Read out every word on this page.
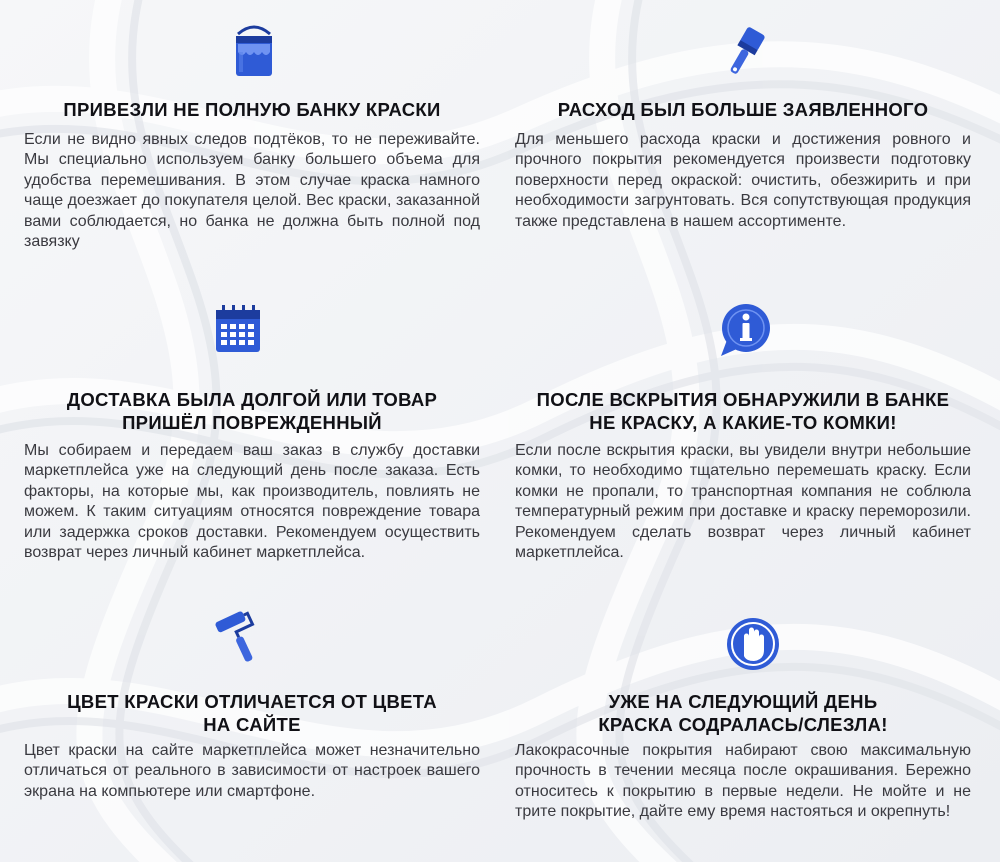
ПРИВЕЗЛИ НЕ ПОЛНУЮ БАНКУ КРАСКИ
Если не видно явных следов подтёков, то не переживайте. Мы специально используем банку большего объема для удобства перемешивания. В этом случае краска намного чаще доезжает до покупателя целой. Вес краски, заказанной вами соблюдается, но банка не должна быть полной под завязку
РАСХОД БЫЛ БОЛЬШЕ ЗАЯВЛЕННОГО
Для меньшего расхода краски и достижения ровного и прочного покрытия рекомендуется произвести подготовку поверхности перед окраской: очистить, обезжирить и при необходимости загрунтовать. Вся сопутствующая продукция также представлена в нашем ассортименте.
ДОСТАВКА БЫЛА ДОЛГОЙ ИЛИ ТОВАР
ПРИШЁЛ ПОВРЕЖДЕННЫЙ
Мы собираем и передаем ваш заказ в службу доставки маркетплейса уже на следующий день после заказа. Есть факторы, на которые мы, как производитель, повлиять не можем. К таким ситуациям относятся повреждение товара или задержка сроков доставки. Рекомендуем осуществить возврат через личный кабинет маркетплейса.
ПОСЛЕ ВСКРЫТИЯ ОБНАРУЖИЛИ В БАНКЕ
НЕ КРАСКУ, А КАКИЕ-ТО КОМКИ!
Если после вскрытия краски, вы увидели внутри небольшие комки, то необходимо тщательно перемешать краску. Если комки не пропали, то транспортная компания не соблюла температурный режим при доставке и краску переморозили. Рекомендуем сделать возврат через личный кабинет маркетплейса.
ЦВЕТ КРАСКИ ОТЛИЧАЕТСЯ ОТ ЦВЕТА
НА САЙТЕ
Цвет краски на сайте маркетплейса может незначительно отличаться от реального в зависимости от настроек вашего экрана на компьютере или смартфоне.
УЖЕ НА СЛЕДУЮЩИЙ ДЕНЬ
КРАСКА СОДРАЛАСЬ/СЛЕЗЛА!
Лакокрасочные покрытия набирают свою максимальную прочность в течении месяца после окрашивания. Бережно относитесь к покрытию в первые недели. Не мойте и не трите покрытие, дайте ему время настояться и окрепнуть!
